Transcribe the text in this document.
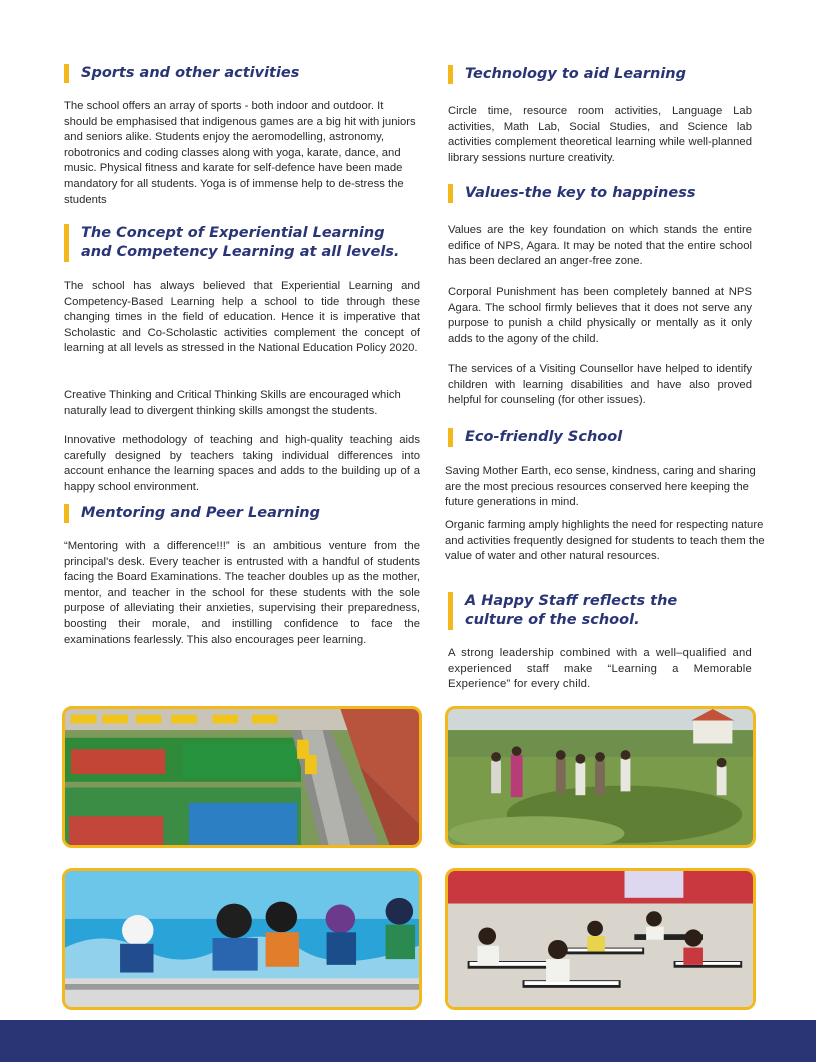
Sports and other activities

The school offers an array of sports - both indoor and outdoor. It should be emphasised that indigenous games are a big hit with juniors and seniors alike. Students enjoy the aeromodelling, astronomy, robotronics and coding classes along with yoga, karate, dance, and music. Physical fitness and karate for self-defence have been made mandatory for all students. Yoga is of immense help to de-stress the students

The Concept of Experiential Learning and Competency Learning at all levels.

The school has always believed that Experiential Learning and Competency-Based Learning help a school to tide through these changing times in the field of education. Hence it is imperative that Scholastic and Co-Scholastic activities complement the concept of learning at all levels as stressed in the National Education Policy 2020.

Creative Thinking and Critical Thinking Skills are encouraged which naturally lead to divergent thinking skills amongst the students.

Innovative methodology of teaching and high-quality teaching aids carefully designed by teachers taking individual differences into account enhance the learning spaces and adds to the building up of a happy school environment.

Mentoring and Peer Learning

“Mentoring with a difference!!!” is an ambitious venture from the principal's desk. Every teacher is entrusted with a handful of students facing the Board Examinations. The teacher doubles up as the mother, mentor, and teacher in the school for these students with the sole purpose of alleviating their anxieties, supervising their preparedness, boosting their morale, and instilling confidence to face the examinations fearlessly. This also encourages peer learning.

Technology to aid Learning

Circle time, resource room activities, Language Lab activities, Math Lab, Social Studies, and Science lab activities complement theoretical learning while well-planned library sessions nurture creativity.

Values-the key to happiness

Values are the key foundation on which stands the entire edifice of NPS, Agara. It may be noted that the entire school has been declared an anger-free zone.

Corporal Punishment has been completely banned at NPS Agara. The school firmly believes that it does not serve any purpose to punish a child physically or mentally as it only adds to the agony of the child.

The services of a Visiting Counsellor have helped to identify children with learning disabilities and have also proved helpful for counseling (for other issues).

Eco-friendly School

Saving Mother Earth, eco sense, kindness, caring and sharing are the most precious resources conserved here keeping the future generations in mind.

Organic farming amply highlights the need for respecting nature and activities frequently designed for students to teach them the value of water and other natural resources.

A Happy Staff reflects the
culture of the school.

A strong leadership combined with a well–qualified and experienced staff make “Learning a Memorable Experience” for every child.
